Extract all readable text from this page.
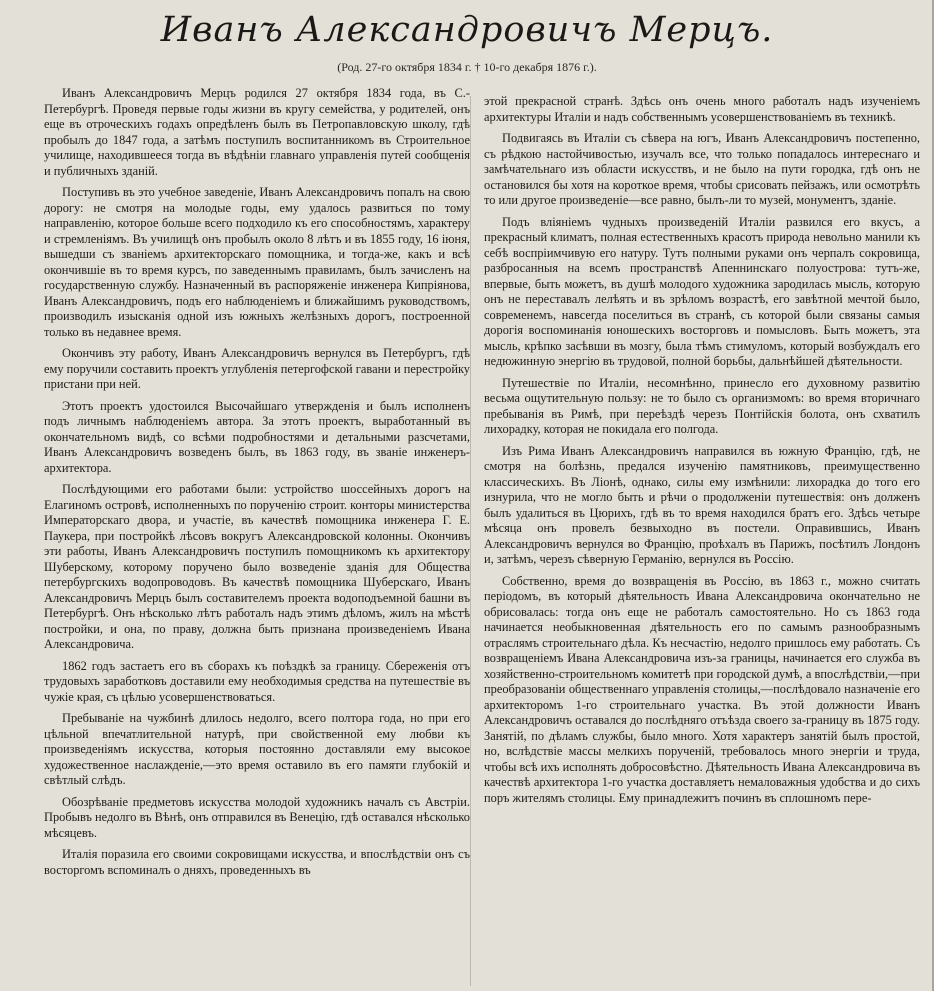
Иванъ Александровичъ Мерцъ.
(Род. 27-го октября 1834 г. † 10-го декабря 1876 г.).

Иванъ Александровичъ Мерцъ родился 27 октября 1834 года, въ С.-Петербургѣ. Проведя первые годы жизни въ кругу семейства, у родителей, онъ еще въ отроческихъ годахъ опредѣленъ былъ въ Петропавловскую школу, гдѣ пробылъ до 1847 года, а затѣмъ поступилъ воспитанникомъ въ Строительное училище, находившееся тогда въ вѣдѣніи главнаго управленія путей сообщенія и публичныхъ зданій.

Поступивъ въ это учебное заведеніе, Иванъ Александровичъ попалъ на свою дорогу: не смотря на молодые годы, ему удалось развиться по тому направленію, которое больше всего подходило къ его способностямъ, характеру и стремленіямъ. Въ училищѣ онъ пробылъ около 8 лѣтъ и въ 1855 году, 16 іюня, вышедши съ званіемъ архитекторскаго помощника, и тогда-же, какъ и всѣ окончившіе въ то время курсъ, по заведеннымъ правиламъ, былъ зачисленъ на государственную службу. Назначенный въ распоряженіе инженера Кипріянова, Иванъ Александровичъ, подъ его наблюденіемъ и ближайшимъ руководствомъ, производилъ изысканія одной изъ южныхъ желѣзныхъ дорогъ, построенной только въ недавнее время.

Окончивъ эту работу, Иванъ Александровичъ вернулся въ Петербургъ, гдѣ ему поручили составить проектъ углубленія петергофской гавани и перестройку пристани при ней.

Этотъ проектъ удостоился Высочайшаго утвержденія и былъ исполненъ подъ личнымъ наблюденіемъ автора. За этотъ проектъ, выработанный въ окончательномъ видѣ, со всѣми подробностями и детальными разсчетами, Иванъ Александровичъ возведенъ былъ, въ 1863 году, въ званіе инженеръ-архитектора.

Послѣдующими его работами были: устройство шоссейныхъ дорогъ на Елагиномъ островѣ, исполненныхъ по порученію строит. конторы министерства Императорскаго двора, и участіе, въ качествѣ помощника инженера Г. Е. Паукера, при постройкѣ лѣсовъ вокругъ Александровской колонны. Окончивъ эти работы, Иванъ Александровичъ поступилъ помощникомъ къ архитектору Шуберскому, которому поручено было возведеніе зданія для Общества петербургскихъ водопроводовъ. Въ качествѣ помощника Шуберскаго, Иванъ Александровичъ Мерцъ былъ составителемъ проекта водоподъемной башни въ Петербургѣ. Онъ нѣсколько лѣтъ работалъ надъ этимъ дѣломъ, жилъ на мѣстѣ постройки, и она, по праву, должна быть признана произведеніемъ Ивана Александровича.

1862 годъ застаетъ его въ сборахъ къ поѣздкѣ за границу. Сбереженія отъ трудовыхъ заработковъ доставили ему необходимыя средства на путешествіе въ чужіе края, съ цѣлью усовершенствоваться.

Пребываніе на чужбинѣ длилось недолго, всего полтора года, но при его цѣльной впечатлительной натурѣ, при свойственной ему любви къ произведеніямъ искусства, которыя постоянно доставляли ему высокое художественное наслажденіе,—это время оставило въ его памяти глубокій и свѣтлый слѣдъ.

Обозрѣваніе предметовъ искусства молодой художникъ началъ съ Австріи. Пробывъ недолго въ Вѣнѣ, онъ отправился въ Венецію, гдѣ оставался нѣсколько мѣсяцевъ.

Италія поразила его своими сокровищами искусства, и впослѣдствіи онъ съ восторгомъ вспоминалъ о дняхъ, проведенныхъ въ

этой прекрасной странѣ. Здѣсь онъ очень много работалъ надъ изученіемъ архитектуры Италіи и надъ собственнымъ усовершенствованіемъ въ техникѣ.

Подвигаясь въ Италіи съ сѣвера на югъ, Иванъ Александровичъ постепенно, съ рѣдкою настойчивостью, изучалъ все, что только попадалось интереснаго и замѣчательнаго изъ области искусствъ, и не было на пути городка, гдѣ онъ не остановился бы хотя на короткое время, чтобы срисовать пейзажъ, или осмотрѣть то или другое произведеніе—все равно, былъ-ли то музей, монументъ, зданіе.

Подъ вліяніемъ чудныхъ произведеній Италіи развился его вкусъ, а прекрасный климатъ, полная естественныхъ красотъ природа невольно манили къ себѣ воспріимчивую его натуру. Тутъ полными руками онъ черпалъ сокровища, разбросанныя на всемъ пространствѣ Апеннинскаго полуострова: тутъ-же, впервые, быть можетъ, въ душѣ молодого художника зародилась мысль, которую онъ не переставалъ лелѣять и въ зрѣломъ возрастѣ, его завѣтной мечтой было, современемъ, навсегда поселиться въ странѣ, съ которой были связаны самыя дорогія воспоминанія юношескихъ восторговъ и помысловъ. Быть можетъ, эта мысль, крѣпко засѣвши въ мозгу, была тѣмъ стимуломъ, который возбуждалъ его недюжинную энергію въ трудовой, полной борьбы, дальнѣйшей дѣятельности.

Путешествіе по Италіи, несомнѣнно, принесло его духовному развитію весьма ощутительную пользу: не то было съ организмомъ: во время вторичнаго пребыванія въ Римѣ, при переѣздѣ черезъ Понтійскія болота, онъ схватилъ лихорадку, которая не покидала его полгода.

Изъ Рима Иванъ Александровичъ направился въ южную Францію, гдѣ, не смотря на болѣзнь, предался изученію памятниковъ, преимущественно классическихъ. Въ Ліонѣ, однако, силы ему измѣнили: лихорадка до того его изнурила, что не могло быть и рѣчи о продолженіи путешествія: онъ долженъ былъ удалиться въ Цюрихъ, гдѣ въ то время находился братъ его. Здѣсь четыре мѣсяца онъ провелъ безвыходно въ постели. Оправившись, Иванъ Александровичъ вернулся во Францію, проѣхалъ въ Парижъ, посѣтилъ Лондонъ и, затѣмъ, черезъ сѣверную Германію, вернулся въ Россію.

Собственно, время до возвращенія въ Россію, въ 1863 г., можно считать періодомъ, въ который дѣятельность Ивана Александровича окончательно не обрисовалась: тогда онъ еще не работалъ самостоятельно. Но съ 1863 года начинается необыкновенная дѣятельность его по самымъ разнообразнымъ отраслямъ строительнаго дѣла. Къ несчастію, недолго пришлось ему работать. Съ возвращеніемъ Ивана Александровича изъ-за границы, начинается его служба въ хозяйственно-строительномъ комитетѣ при городской думѣ, а впослѣдствіи,—при преобразованіи общественнаго управленія столицы,—послѣдовало назначеніе его архитекторомъ 1-го строительнаго участка. Въ этой должности Иванъ Александровичъ оставался до послѣдняго отъѣзда своего за-границу въ 1875 году. Занятій, по дѣламъ службы, было много. Хотя характеръ занятій былъ простой, но, вслѣдствіе массы мелкихъ порученій, требовалось много энергіи и труда, чтобы всѣ ихъ исполнять добросовѣстно. Дѣятельность Ивана Александровича въ качествѣ архитектора 1-го участка доставляетъ немаловажныя удобства и до сихъ поръ жителямъ столицы. Ему принадлежитъ починъ въ сплошномъ пере-
